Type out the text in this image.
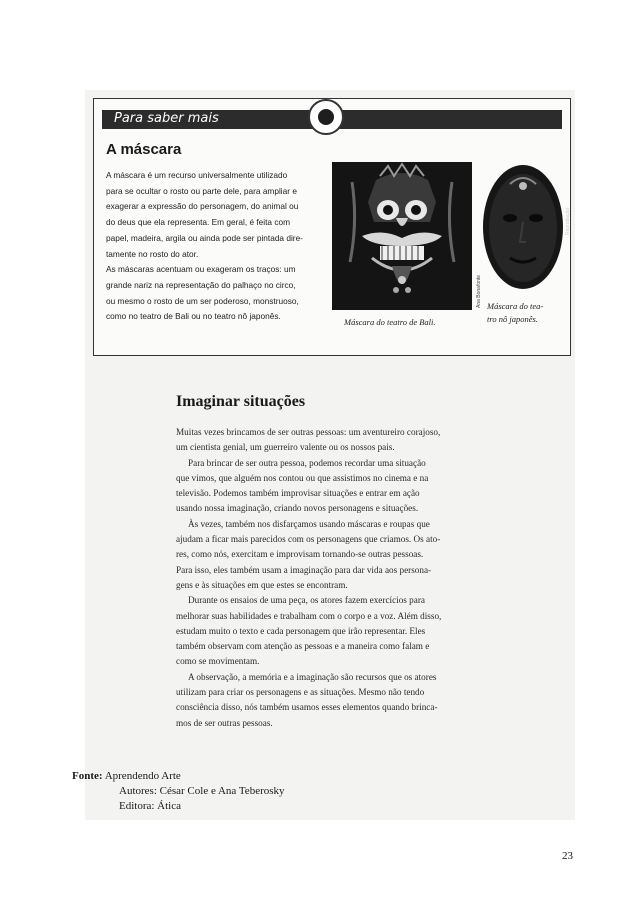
Para saber mais
A máscara

A máscara é um recurso universalmente utilizado

para se ocultar o rosto ou parte dele, para ampliar e

exagerar a expressão do personagem, do animal ou

do deus que ela representa. Em geral, é feita com

papel, madeira, argila ou ainda pode ser pintada dire-

tamente no rosto do ator.

As máscaras acentuam ou exageram os traços: um

grande nariz na representação do palhaço no circo,

ou mesmo o rosto de um ser poderoso, monstruoso,

como no teatro de Bali ou no teatro nô japonês.

Ana Bonafonte
Reprodução
Máscara do teatro de Bali.
Máscara do tea-
tro nô japonês.
Imaginar situações

Muitas vezes brincamos de ser outras pessoas: um aventureiro corajoso,

um cientista genial, um guerreiro valente ou os nossos pais.

Para brincar de ser outra pessoa, podemos recordar uma situação

que vimos, que alguém nos contou ou que assistimos no cinema e na

televisão. Podemos também improvisar situações e entrar em ação

usando nossa imaginação, criando novos personagens e situações.

Às vezes, também nos disfarçamos usando máscaras e roupas que

ajudam a ficar mais parecidos com os personagens que criamos. Os ato-

res, como nós, exercitam e improvisam tornando-se outras pessoas.

Para isso, eles também usam a imaginação para dar vida aos persona-

gens e às situações em que estes se encontram.

Durante os ensaios de uma peça, os atores fazem exercícios para

melhorar suas habilidades e trabalham com o corpo e a voz. Além disso,

estudam muito o texto e cada personagem que irão representar. Eles

também observam com atenção as pessoas e a maneira como falam e

como se movimentam.

A observação, a memória e a imaginação são recursos que os atores

utilizam para criar os personagens e as situações. Mesmo não tendo

consciência disso, nós também usamos esses elementos quando brinca-

mos de ser outras pessoas.

Fonte: Aprendendo Arte
Autores: César Cole e Ana Teberosky
Editora: Ática
23
